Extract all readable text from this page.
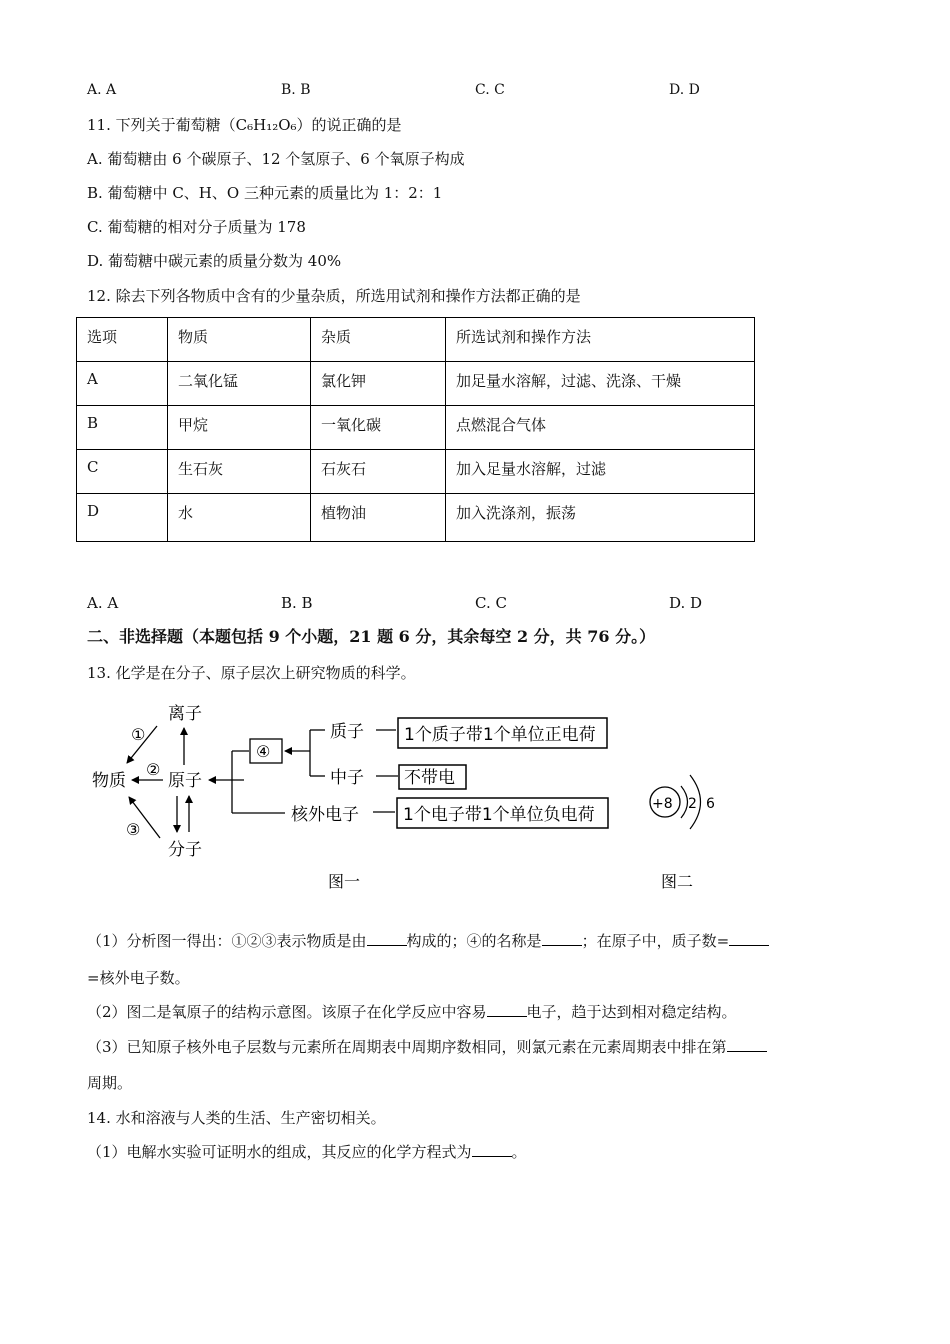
A. A	B. B	C. C	D. D
11. 下列关于葡萄糖（C₆H₁₂O₆）的说正确的是
A. 葡萄糖由 6 个碳原子、12 个氢原子、6 个氧原子构成
B. 葡萄糖中 C、H、O 三种元素的质量比为 1：2：1
C. 葡萄糖的相对分子质量为 178
D. 葡萄糖中碳元素的质量分数为 40%
12. 除去下列各物质中含有的少量杂质，所选用试剂和操作方法都正确的是
选项	物质	杂质	所选试剂和操作方法
A	二氧化锰	氯化钾	加足量水溶解，过滤、洗涤、干燥
B	甲烷	一氧化碳	点燃混合气体
C	生石灰	石灰石	加入足量水溶解，过滤
D	水	植物油	加入洗涤剂，振荡
A. A	B. B	C. C	D. D
二、非选择题（本题包括 9 个小题，21 题 6 分，其余每空 2 分，共 76 分。）
13. 化学是在分子、原子层次上研究物质的科学。
离子
物质 原子
分子
①
②
③
④
质子
中子
核外电子
1个质子带1个单位正电荷
不带电
1个电子带1个单位负电荷
图一
+8 2 6
图二
（1）分析图一得出：①②③表示物质是由	构成的；④的名称是	；在原子中，质子数=
=核外电子数。
（2）图二是氧原子的结构示意图。该原子在化学反应中容易	电子，趋于达到相对稳定结构。
（3）已知原子核外电子层数与元素所在周期表中周期序数相同，则氯元素在元素周期表中排在第
周期。
14. 水和溶液与人类的生活、生产密切相关。
（1）电解水实验可证明水的组成，其反应的化学方程式为	。
